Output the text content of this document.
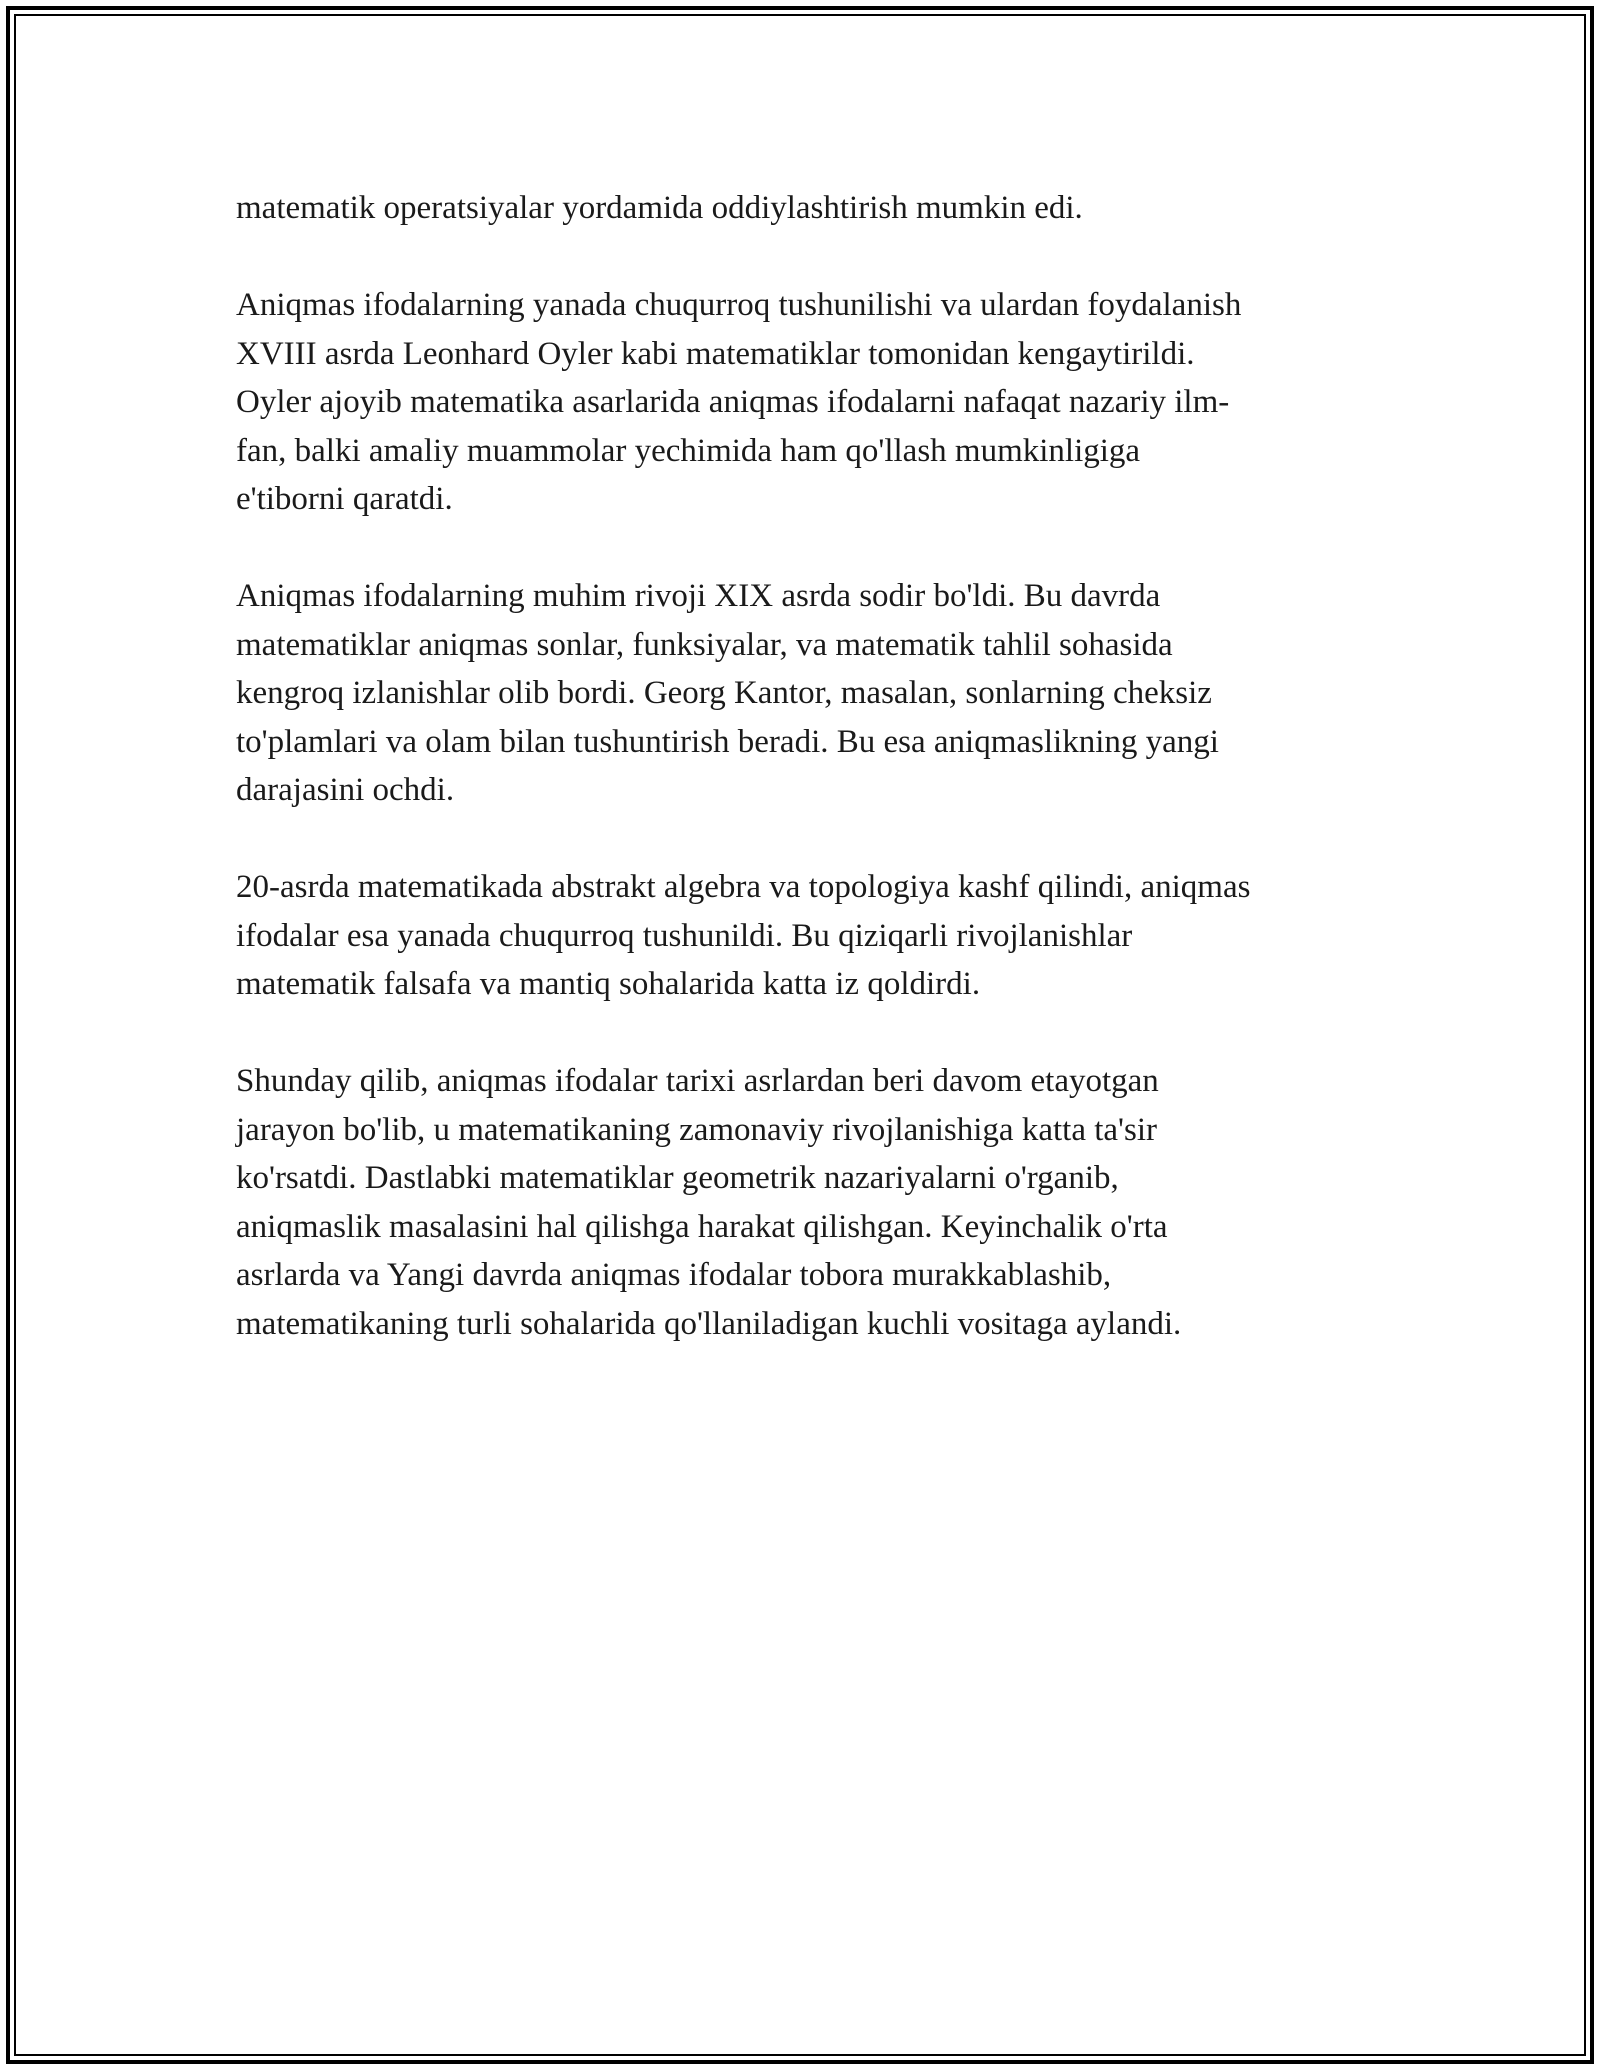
matematik operatsiyalar yordamida oddiylashtirish mumkin edi.

Aniqmas ifodalarning yanada chuqurroq tushunilishi va ulardan foydalanish
XVIII asrda Leonhard Oyler kabi matematiklar tomonidan kengaytirildi.
Oyler ajoyib matematika asarlarida aniqmas ifodalarni nafaqat nazariy ilm-
fan, balki amaliy muammolar yechimida ham qo'llash mumkinligiga
e'tiborni qaratdi.

Aniqmas ifodalarning muhim rivoji XIX asrda sodir bo'ldi. Bu davrda
matematiklar aniqmas sonlar, funksiyalar, va matematik tahlil sohasida
kengroq izlanishlar olib bordi. Georg Kantor, masalan, sonlarning cheksiz
to'plamlari va olam bilan tushuntirish beradi. Bu esa aniqmaslikning yangi
darajasini ochdi.

20-asrda matematikada abstrakt algebra va topologiya kashf qilindi, aniqmas
ifodalar esa yanada chuqurroq tushunildi. Bu qiziqarli rivojlanishlar
matematik falsafa va mantiq sohalarida katta iz qoldirdi.

Shunday qilib, aniqmas ifodalar tarixi asrlardan beri davom etayotgan
jarayon bo'lib, u matematikaning zamonaviy rivojlanishiga katta ta'sir
ko'rsatdi. Dastlabki matematiklar geometrik nazariyalarni o'rganib,
aniqmaslik masalasini hal qilishga harakat qilishgan. Keyinchalik o'rta
asrlarda va Yangi davrda aniqmas ifodalar tobora murakkablashib,
matematikaning turli sohalarida qo'llaniladigan kuchli vositaga aylandi.
